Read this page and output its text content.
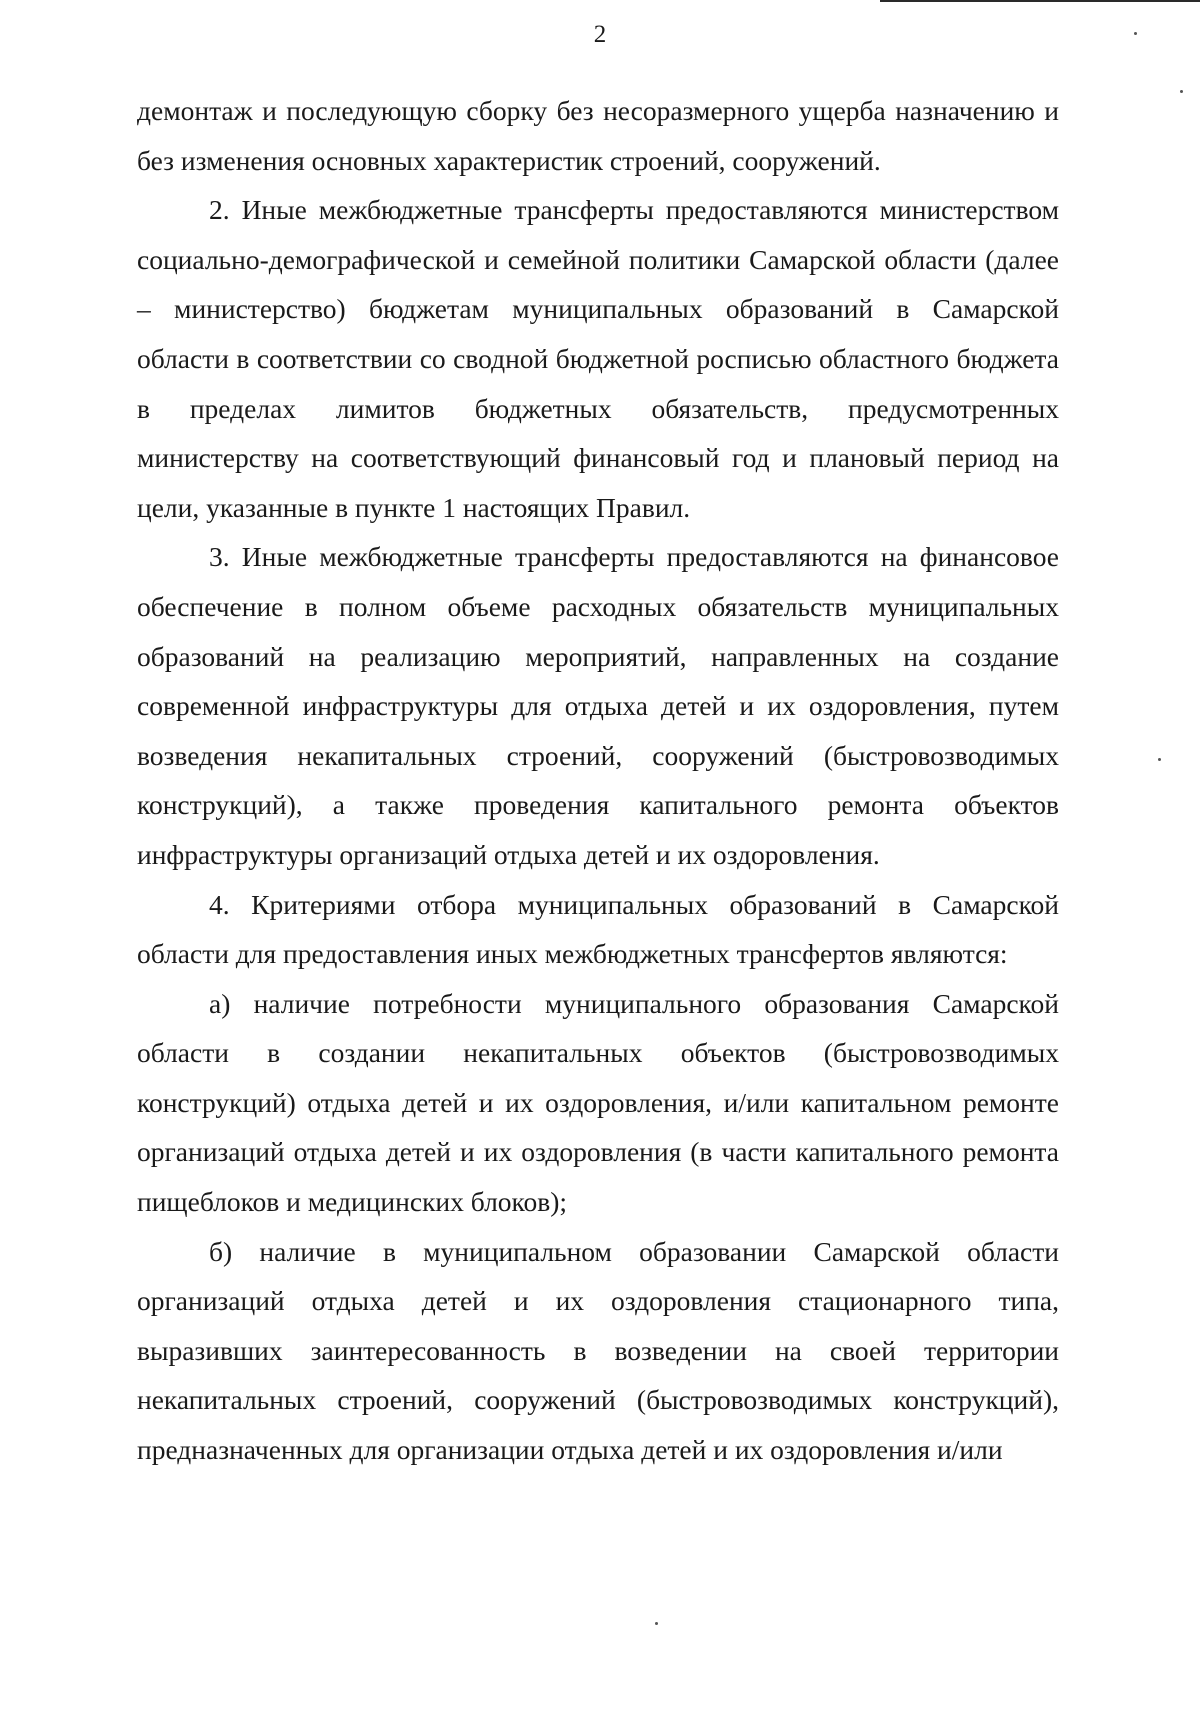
2

демонтаж и последующую сборку без несоразмерного ущерба назначению и без изменения основных характеристик строений, сооружений.

2. Иные межбюджетные трансферты предоставляются министерством социально-демографической и семейной политики Самарской области (далее – министерство) бюджетам муниципальных образований в Самарской области в соответствии со сводной бюджетной росписью областного бюджета в пределах лимитов бюджетных обязательств, предусмотренных министерству на соответствующий финансовый год и плановый период на цели, указанные в пункте 1 настоящих Правил.

3. Иные межбюджетные трансферты предоставляются на финансовое обеспечение в полном объеме расходных обязательств муниципальных образований на реализацию мероприятий, направленных на создание современной инфраструктуры для отдыха детей и их оздоровления, путем возведения некапитальных строений, сооружений (быстровозводимых конструкций), а также проведения капитального ремонта объектов инфраструктуры организаций отдыха детей и их оздоровления.

4. Критериями отбора муниципальных образований в Самарской области для предоставления иных межбюджетных трансфертов являются:

а) наличие потребности муниципального образования Самарской области в создании некапитальных объектов (быстровозводимых конструкций) отдыха детей и их оздоровления, и/или капитальном ремонте организаций отдыха детей и их оздоровления (в части капитального ремонта пищеблоков и медицинских блоков);

б) наличие в муниципальном образовании Самарской области организаций отдыха детей и их оздоровления стационарного типа, выразивших заинтересованность в возведении на своей территории некапитальных строений, сооружений (быстровозводимых конструкций), предназначенных для организации отдыха детей и их оздоровления и/или
